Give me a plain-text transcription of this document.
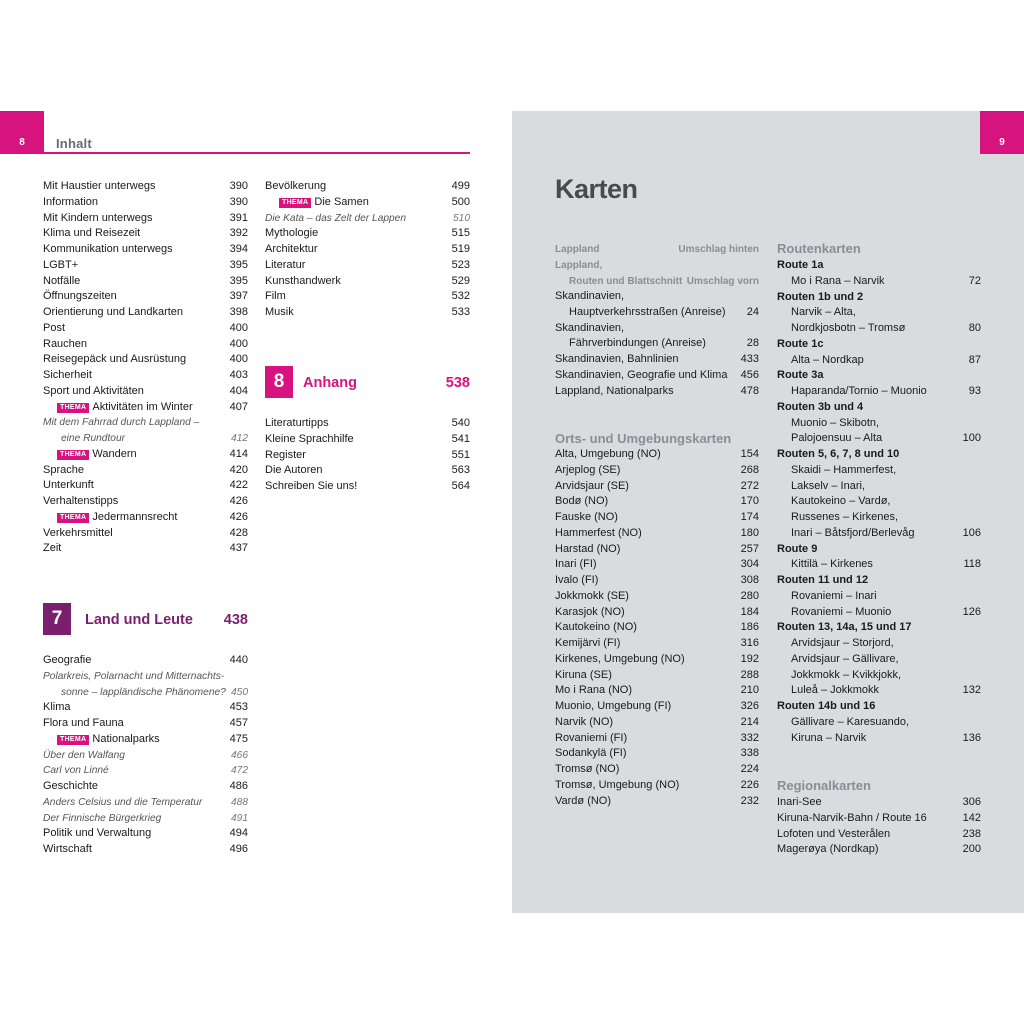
8	9
Inhalt
Mit Haustier unterwegs	390
Information	390
Mit Kindern unterwegs	391
Klima und Reisezeit	392
Kommunikation unterwegs	394
LGBT+	395
Notfälle	395
Öffnungszeiten	397
Orientierung und Landkarten	398
Post	400
Rauchen	400
Reisegepäck und Ausrüstung	400
Sicherheit	403
Sport und Aktivitäten	404
THEMA Aktivitäten im Winter	407
Mit dem Fahrrad durch Lappland –
eine Rundtour	412
THEMA Wandern	414
Sprache	420
Unterkunft	422
Verhaltenstipps	426
THEMA Jedermannsrecht	426
Verkehrsmittel	428
Zeit	437
7	Land und Leute 438
Geografie	440
Polarkreis, Polarnacht und Mitternachts-
sonne – lappländische Phänomene? 450
Klima	453
Flora und Fauna	457
THEMA Nationalparks	475
Über den Walfang	466
Carl von Linné	472
Geschichte	486
Anders Celsius und die Temperatur	488
Der Finnische Bürgerkrieg	491
Politik und Verwaltung	494
Wirtschaft	496
Bevölkerung	499
THEMA Die Samen	500
Die Kata – das Zelt der Lappen	510
Mythologie	515
Architektur	519
Literatur	523
Kunsthandwerk	529
Film	532
Musik	533
8	Anhang	538
Literaturtipps	540
Kleine Sprachhilfe	541
Register	551
Die Autoren	563
Schreiben Sie uns!	564
Karten
Lappland	Umschlag hinten
Lappland,
Routen und Blattschnitt Umschlag vorn
Skandinavien,
Hauptverkehrsstraßen (Anreise) 24
Skandinavien,
Fährverbindungen (Anreise)	28
Skandinavien, Bahnlinien	433
Skandinavien, Geografie und Klima 456
Lappland, Nationalparks	478
Orts- und Umgebungskarten
Alta, Umgebung (NO)	154
Arjeplog (SE)	268
Arvidsjaur (SE)	272
Bodø (NO)	170
Fauske (NO)	174
Hammerfest (NO)	180
Harstad (NO)	257
Inari (FI)	304
Ivalo (FI)	308
Jokkmokk (SE)	280
Karasjok (NO)	184
Kautokeino (NO)	186
Kemijärvi (FI)	316
Kirkenes, Umgebung (NO)	192
Kiruna (SE)	288
Mo i Rana (NO)	210
Muonio, Umgebung (FI)	326
Narvik (NO)	214
Rovaniemi (FI)	332
Sodankylä (FI)	338
Tromsø (NO)	224
Tromsø, Umgebung (NO)	226
Vardø (NO)	232
Routenkarten
Route 1a
Mo i Rana – Narvik	72
Routen 1b und 2
Narvik – Alta,
Nordkjosbotn – Tromsø	80
Route 1c
Alta – Nordkap	87
Route 3a
Haparanda/Tornio – Muonio	93
Routen 3b und 4
Muonio – Skibotn,
Palojoensuu – Alta	100
Routen 5, 6, 7, 8 und 10
Skaidi – Hammerfest,
Lakselv – Inari,
Kautokeino – Vardø,
Russenes – Kirkenes,
Inari – Båtsfjord/Berlevåg	106
Route 9
Kittilä – Kirkenes	118
Routen 11 und 12
Rovaniemi – Inari
Rovaniemi – Muonio	126
Routen 13, 14a, 15 und 17
Arvidsjaur – Storjord,
Arvidsjaur – Gällivare,
Jokkmokk – Kvikkjokk,
Luleå – Jokkmokk	132
Routen 14b und 16
Gällivare – Karesuando,
Kiruna – Narvik	136
Regionalkarten
Inari-See	306
Kiruna-Narvik-Bahn / Route 16	142
Lofoten und Vesterålen	238
Magerøya (Nordkap)	200
